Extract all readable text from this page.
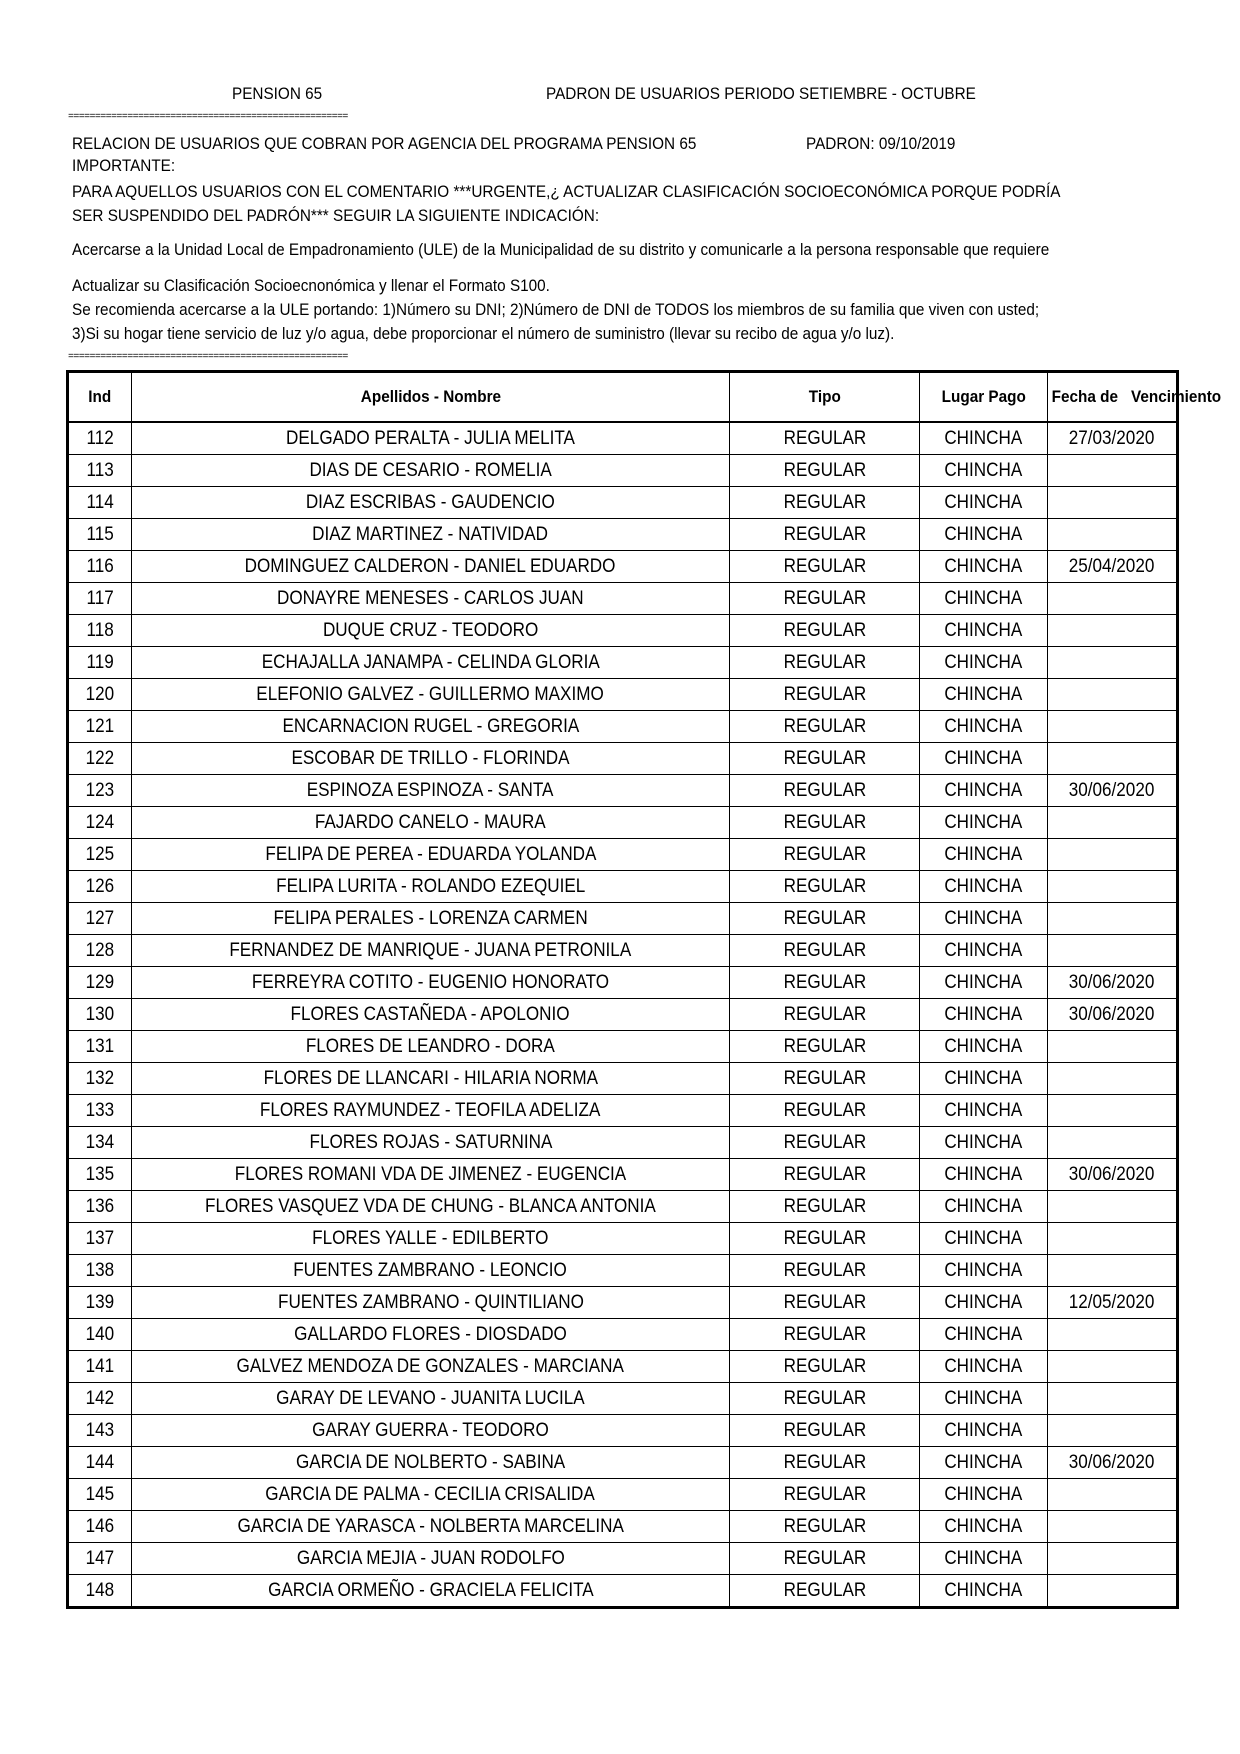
PENSION 65	PADRON DE USUARIOS PERIODO SETIEMBRE - OCTUBRE
====================================================
RELACION DE USUARIOS QUE COBRAN POR AGENCIA DEL PROGRAMA PENSION 65	PADRON: 09/10/2019
IMPORTANTE:
PARA AQUELLOS USUARIOS CON EL COMENTARIO ***URGENTE,¿ ACTUALIZAR CLASIFICACIÓN SOCIOECONÓMICA PORQUE PODRÍA
SER SUSPENDIDO DEL PADRÓN*** SEGUIR LA SIGUIENTE INDICACIÓN:
Acercarse a la Unidad Local de Empadronamiento (ULE) de la Municipalidad de su distrito y comunicarle a la persona responsable que requiere
Actualizar su Clasificación Socioecnonómica y llenar el Formato S100.
Se recomienda acercarse a la ULE portando: 1)Número su DNI; 2)Número de DNI de TODOS los miembros de su familia que viven con usted;
3)Si su hogar tiene servicio de luz y/o agua, debe proporcionar el número de suministro (llevar su recibo de agua y/o luz).
====================================================
Ind	Apellidos - Nombre	Tipo	Lugar Pago	Fecha de Vencimiento
112	DELGADO PERALTA - JULIA MELITA	REGULAR	CHINCHA	27/03/2020
113	DIAS DE CESARIO - ROMELIA	REGULAR	CHINCHA	
114	DIAZ ESCRIBAS - GAUDENCIO	REGULAR	CHINCHA	
115	DIAZ MARTINEZ - NATIVIDAD	REGULAR	CHINCHA	
116	DOMINGUEZ CALDERON - DANIEL EDUARDO	REGULAR	CHINCHA	25/04/2020
117	DONAYRE MENESES - CARLOS JUAN	REGULAR	CHINCHA	
118	DUQUE CRUZ - TEODORO	REGULAR	CHINCHA	
119	ECHAJALLA JANAMPA - CELINDA GLORIA	REGULAR	CHINCHA	
120	ELEFONIO GALVEZ - GUILLERMO MAXIMO	REGULAR	CHINCHA	
121	ENCARNACION RUGEL - GREGORIA	REGULAR	CHINCHA	
122	ESCOBAR DE TRILLO - FLORINDA	REGULAR	CHINCHA	
123	ESPINOZA ESPINOZA - SANTA	REGULAR	CHINCHA	30/06/2020
124	FAJARDO CANELO - MAURA	REGULAR	CHINCHA	
125	FELIPA DE PEREA - EDUARDA YOLANDA	REGULAR	CHINCHA	
126	FELIPA LURITA - ROLANDO EZEQUIEL	REGULAR	CHINCHA	
127	FELIPA PERALES - LORENZA CARMEN	REGULAR	CHINCHA	
128	FERNANDEZ DE MANRIQUE - JUANA PETRONILA	REGULAR	CHINCHA	
129	FERREYRA COTITO - EUGENIO HONORATO	REGULAR	CHINCHA	30/06/2020
130	FLORES CASTAÑEDA - APOLONIO	REGULAR	CHINCHA	30/06/2020
131	FLORES DE LEANDRO - DORA	REGULAR	CHINCHA	
132	FLORES DE LLANCARI - HILARIA NORMA	REGULAR	CHINCHA	
133	FLORES RAYMUNDEZ - TEOFILA ADELIZA	REGULAR	CHINCHA	
134	FLORES ROJAS - SATURNINA	REGULAR	CHINCHA	
135	FLORES ROMANI VDA DE JIMENEZ - EUGENCIA	REGULAR	CHINCHA	30/06/2020
136	FLORES VASQUEZ VDA DE CHUNG - BLANCA ANTONIA	REGULAR	CHINCHA	
137	FLORES YALLE - EDILBERTO	REGULAR	CHINCHA	
138	FUENTES ZAMBRANO - LEONCIO	REGULAR	CHINCHA	
139	FUENTES ZAMBRANO - QUINTILIANO	REGULAR	CHINCHA	12/05/2020
140	GALLARDO FLORES - DIOSDADO	REGULAR	CHINCHA	
141	GALVEZ MENDOZA DE GONZALES - MARCIANA	REGULAR	CHINCHA	
142	GARAY DE LEVANO - JUANITA LUCILA	REGULAR	CHINCHA	
143	GARAY GUERRA - TEODORO	REGULAR	CHINCHA	
144	GARCIA DE NOLBERTO - SABINA	REGULAR	CHINCHA	30/06/2020
145	GARCIA DE PALMA - CECILIA CRISALIDA	REGULAR	CHINCHA	
146	GARCIA DE YARASCA - NOLBERTA MARCELINA	REGULAR	CHINCHA	
147	GARCIA MEJIA - JUAN RODOLFO	REGULAR	CHINCHA	
148	GARCIA ORMEÑO - GRACIELA FELICITA	REGULAR	CHINCHA	
